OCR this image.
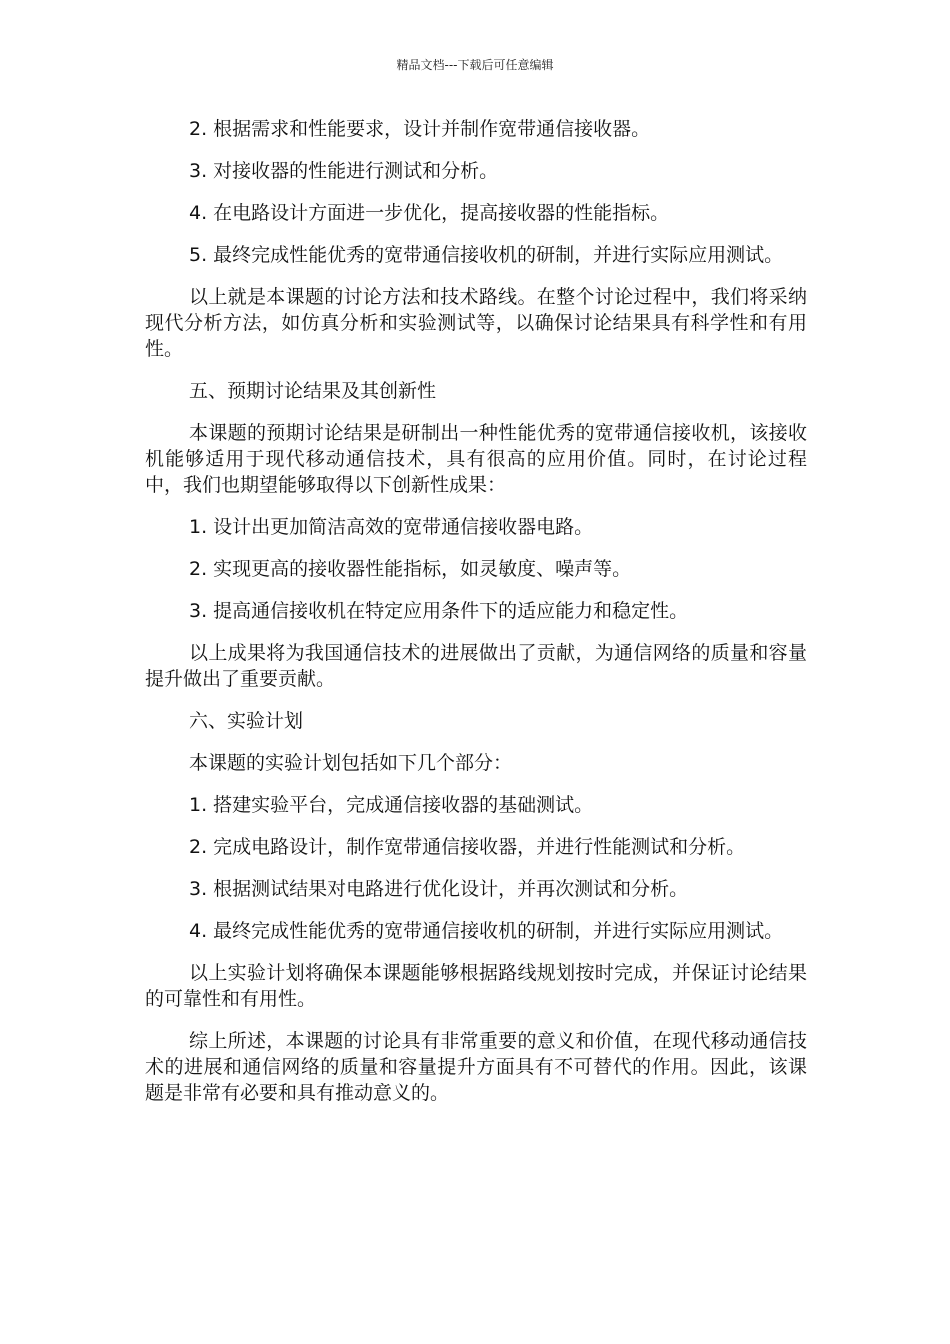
精品文档---下载后可任意编辑

2. 根据需求和性能要求，设计并制作宽带通信接收器。

3. 对接收器的性能进行测试和分析。

4. 在电路设计方面进一步优化，提高接收器的性能指标。

5. 最终完成性能优秀的宽带通信接收机的研制，并进行实际应用测试。

以上就是本课题的讨论方法和技术路线。在整个讨论过程中，我们将采纳现代分析方法，如仿真分析和实验测试等，以确保讨论结果具有科学性和有用性。

五、预期讨论结果及其创新性

本课题的预期讨论结果是研制出一种性能优秀的宽带通信接收机，该接收机能够适用于现代移动通信技术，具有很高的应用价值。同时，在讨论过程中，我们也期望能够取得以下创新性成果：

1. 设计出更加简洁高效的宽带通信接收器电路。

2. 实现更高的接收器性能指标，如灵敏度、噪声等。

3. 提高通信接收机在特定应用条件下的适应能力和稳定性。

以上成果将为我国通信技术的进展做出了贡献，为通信网络的质量和容量提升做出了重要贡献。

六、实验计划

本课题的实验计划包括如下几个部分：

1. 搭建实验平台，完成通信接收器的基础测试。

2. 完成电路设计，制作宽带通信接收器，并进行性能测试和分析。

3. 根据测试结果对电路进行优化设计，并再次测试和分析。

4. 最终完成性能优秀的宽带通信接收机的研制，并进行实际应用测试。

以上实验计划将确保本课题能够根据路线规划按时完成，并保证讨论结果的可靠性和有用性。

综上所述，本课题的讨论具有非常重要的意义和价值，在现代移动通信技术的进展和通信网络的质量和容量提升方面具有不可替代的作用。因此，该课题是非常有必要和具有推动意义的。
